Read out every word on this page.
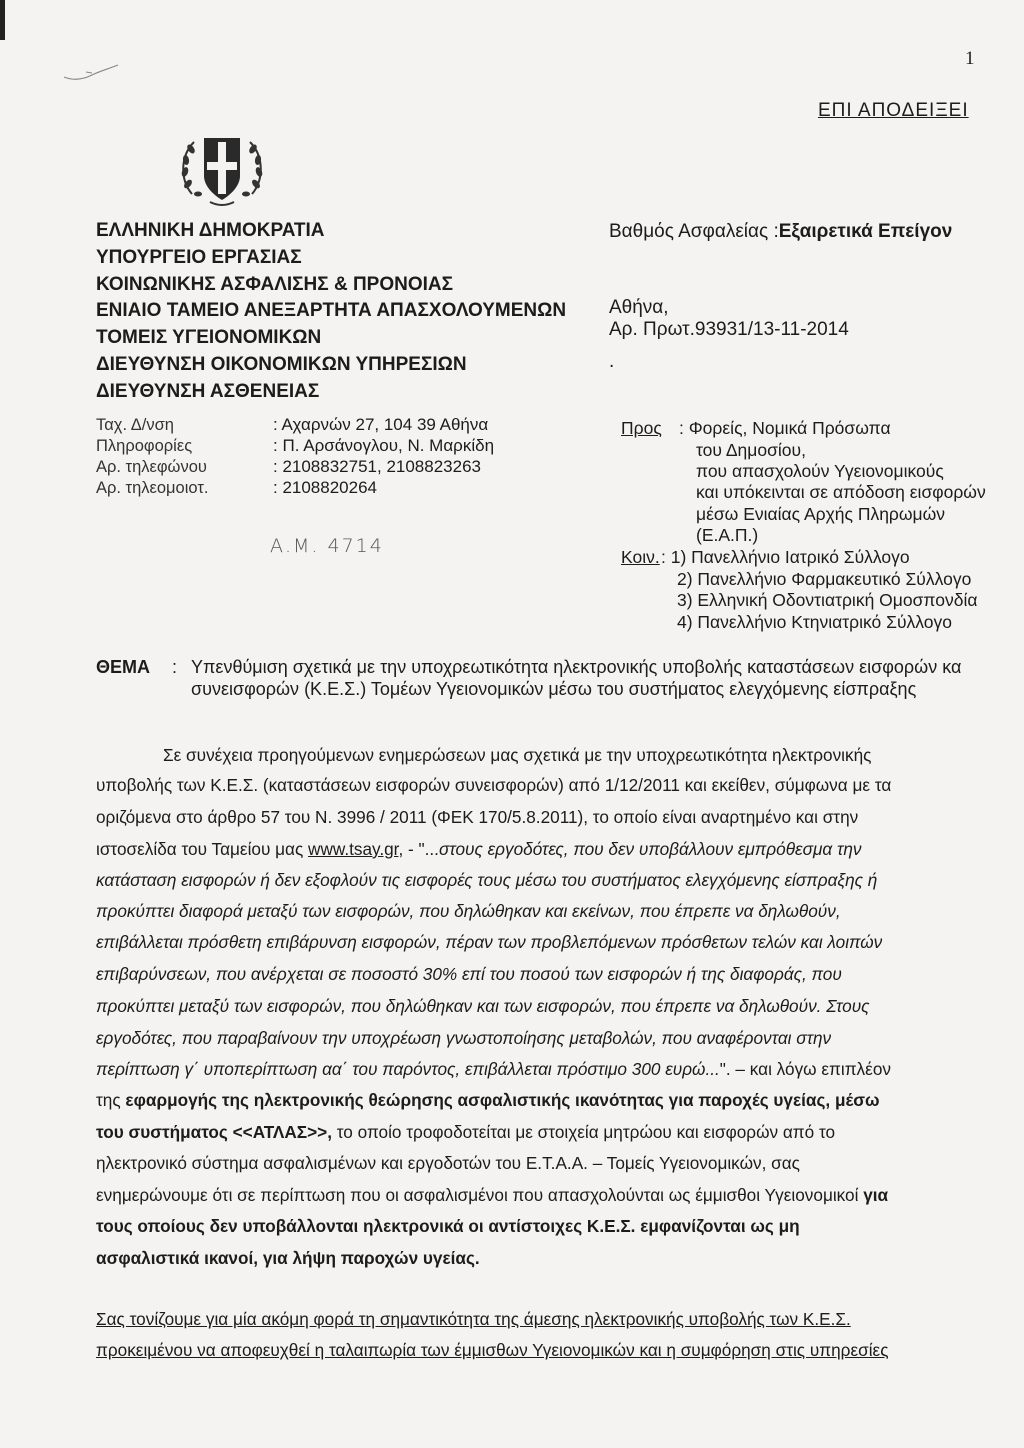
1
ΕΠΙ ΑΠΟΔΕΙΞΕΙ
ΕΛΛΗΝΙΚΗ ΔΗΜΟΚΡΑΤΙΑ
ΥΠΟΥΡΓΕΙΟ ΕΡΓΑΣΙΑΣ
ΚΟΙΝΩΝΙΚΗΣ ΑΣΦΑΛΙΣΗΣ & ΠΡΟΝΟΙΑΣ
ΕΝΙΑΙΟ ΤΑΜΕΙΟ ΑΝΕΞΑΡΤΗΤΑ ΑΠΑΣΧΟΛΟΥΜΕΝΩΝ
ΤΟΜΕΙΣ ΥΓΕΙΟΝΟΜΙΚΩΝ
ΔΙΕΥΘΥΝΣΗ ΟΙΚΟΝΟΜΙΚΩΝ ΥΠΗΡΕΣΙΩΝ
ΔΙΕΥΘΥΝΣΗ ΑΣΘΕΝΕΙΑΣ
Βαθμός Ασφαλείας :Εξαιρετικά Επείγον
Αθήνα,
Αρ. Πρωτ.93931/13-11-2014
.
Ταχ. Δ/νση
Πληροφορίες
Αρ. τηλεφώνου
Αρ. τηλεομοιοτ.
: Αχαρνών 27, 104 39 Αθήνα
: Π. Αρσάνογλου, Ν. Μαρκίδη
: 2108832751, 2108823263
: 2108820264
Α.Μ. 4714
Προς : Φορείς, Νομικά Πρόσωπα
του Δημοσίου,
που απασχολούν Υγειονομικούς
και υπόκεινται σε απόδοση εισφορών
μέσω Ενιαίας Αρχής Πληρωμών
(Ε.Α.Π.)
Κοιν. : 1) Πανελλήνιο Ιατρικό Σύλλογο
2) Πανελλήνιο Φαρμακευτικό Σύλλογο
3) Ελληνική Οδοντιατρική Ομοσπονδία
4) Πανελλήνιο Κτηνιατρικό Σύλλογο
ΘΕΜΑ : Υπενθύμιση σχετικά με την υποχρεωτικότητα ηλεκτρονικής υποβολής καταστάσεων εισφορών κα
συνεισφορών (Κ.Ε.Σ.) Τομέων Υγειονομικών μέσω του συστήματος ελεγχόμενης είσπραξης
Σε συνέχεια προηγούμενων ενημερώσεων μας σχετικά με την υποχρεωτικότητα ηλεκτρονικής
υποβολής των Κ.Ε.Σ. (καταστάσεων εισφορών συνεισφορών) από 1/12/2011 και εκείθεν, σύμφωνα με τα
οριζόμενα στο άρθρο 57 του Ν. 3996 / 2011 (ΦΕΚ 170/5.8.2011), το οποίο είναι αναρτημένο και στην
ιστοσελίδα του Ταμείου μας www.tsay.gr, - "...στους εργοδότες, που δεν υποβάλλουν εμπρόθεσμα την
κατάσταση εισφορών ή δεν εξοφλούν τις εισφορές τους μέσω του συστήματος ελεγχόμενης είσπραξης ή
προκύπτει διαφορά μεταξύ των εισφορών, που δηλώθηκαν και εκείνων, που έπρεπε να δηλωθούν,
επιβάλλεται πρόσθετη επιβάρυνση εισφορών, πέραν των προβλεπόμενων πρόσθετων τελών και λοιπών
επιβαρύνσεων, που ανέρχεται σε ποσοστό 30% επί του ποσού των εισφορών ή της διαφοράς, που
προκύπτει μεταξύ των εισφορών, που δηλώθηκαν και των εισφορών, που έπρεπε να δηλωθούν. Στους
εργοδότες, που παραβαίνουν την υποχρέωση γνωστοποίησης μεταβολών, που αναφέρονται στην
περίπτωση γ΄ υποπερίπτωση αα΄ του παρόντος, επιβάλλεται πρόστιμο 300 ευρώ...". – και λόγω επιπλέον
της εφαρμογής της ηλεκτρονικής θεώρησης ασφαλιστικής ικανότητας για παροχές υγείας, μέσω
του συστήματος <<ΑΤΛΑΣ>>, το οποίο τροφοδοτείται με στοιχεία μητρώου και εισφορών από το
ηλεκτρονικό σύστημα ασφαλισμένων και εργοδοτών του Ε.Τ.Α.Α. – Τομείς Υγειονομικών, σας
ενημερώνουμε ότι σε περίπτωση που οι ασφαλισμένοι που απασχολούνται ως έμμισθοι Υγειονομικοί για
τους οποίους δεν υποβάλλονται ηλεκτρονικά οι αντίστοιχες Κ.Ε.Σ. εμφανίζονται ως μη
ασφαλιστικά ικανοί, για λήψη παροχών υγείας.
Σας τονίζουμε για μία ακόμη φορά τη σημαντικότητα της άμεσης ηλεκτρονικής υποβολής των Κ.Ε.Σ.
προκειμένου να αποφευχθεί η ταλαιπωρία των έμμισθων Υγειονομικών και η συμφόρηση στις υπηρεσίες
